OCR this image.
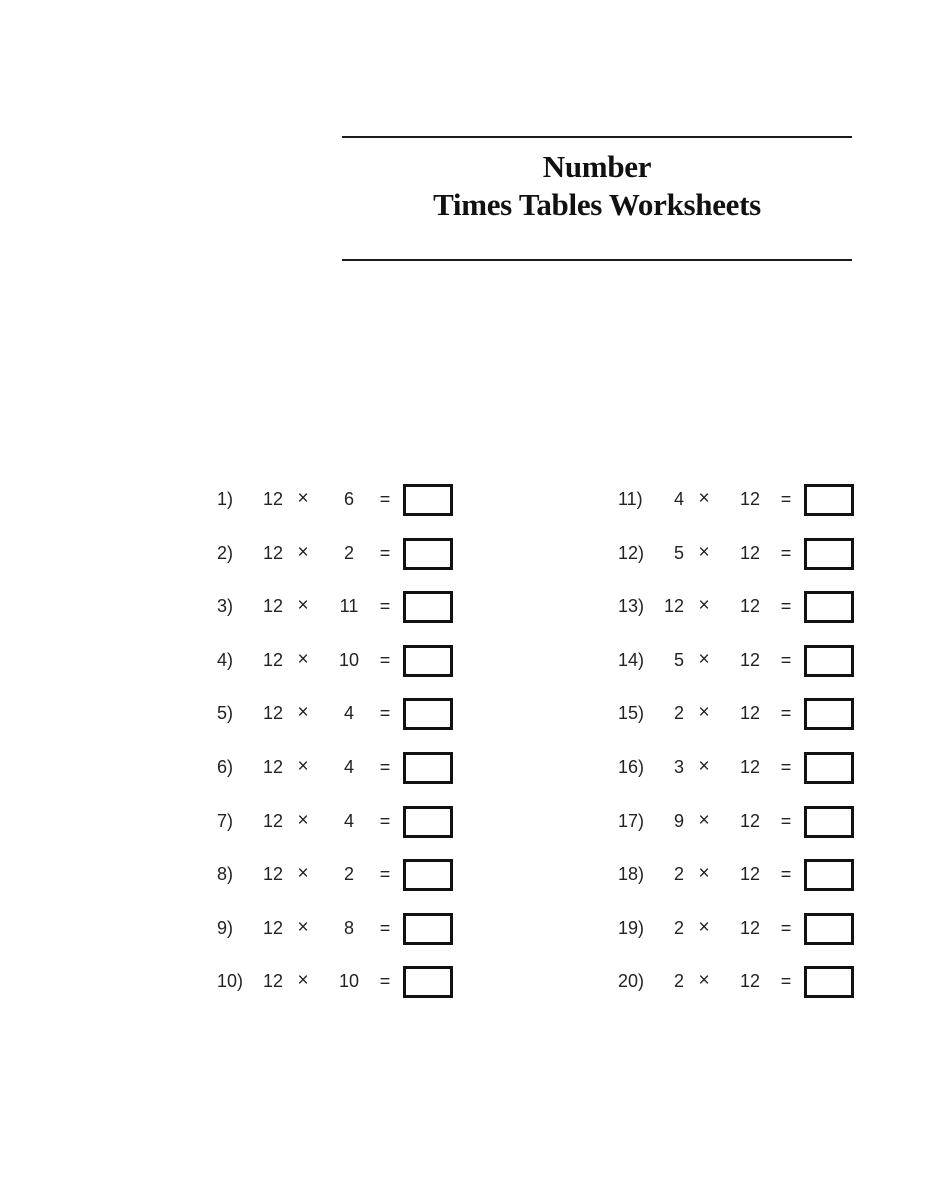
Number
Times Tables Worksheets
1)	12 ×	6	=
2)	12 ×	2	=
3)	12 ×	11	=
4)	12 ×	10	=
5)	12 ×	4	=
6)	12 ×	4	=
7)	12 ×	4	=
8)	12 ×	2	=
9)	12 ×	8	=
10)	12 ×	10	=
11)	4 ×	12	=
12)	5 ×	12	=
13)	12 ×	12	=
14)	5 ×	12	=
15)	2 ×	12	=
16)	3 ×	12	=
17)	9 ×	12	=
18)	2 ×	12	=
19)	2 ×	12	=
20)	2 ×	12	=
